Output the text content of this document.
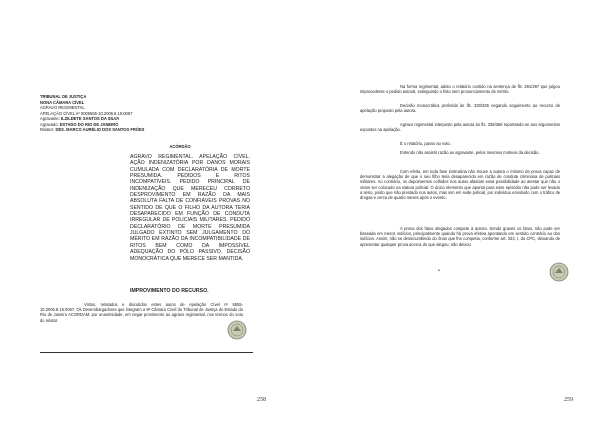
TRIBUNAL DE JUSTIÇA

NONA CÂMARA CÍVEL

AGRAVO REGIMENTAL

APELAÇÃO CÍVEL nº 0006555-10.2006.8.19.0067

Agravante: ILZILDETE SANTOS DA SILVA

Agravado: ESTADO DO RIO DE JANEIRO

Relator: DES. MARCO AURÉLIO DOS SANTOS FRÓES

ACÓRDÃO

AGRAVO REGIMENTAL. APELAÇÃO CÍVEL. AÇÃO INDENIZATÓRIA POR DANOS MORAIS CUMULADA COM DECLARATÓRIA DE MORTE PRESUMIDA. PEDIDOS E RITOS INCOMPATÍVEIS. PEDIDO PRINCIPAL DE INDENIZAÇÃO QUE MERECEU CORRETO DESPROVIMENTO EM RAZÃO DA MAIS ABSOLUTA FALTA DE CONFIÁVEIS PROVAS NO SENTIDO DE QUE O FILHO DA AUTORA TERIA DESAPARECIDO EM FUNÇÃO DE CONDUTA IRREGULAR DE POLICIAIS MILITARES. PEDIDO DECLARATÓRIO DE MORTE PRESUMIDA JULGADO EXTINTO SEM JULGAMENTO DO MÉRITO EM RAZÃO DA INCOMPATIBILIDADE DE RITOS BEM COMO DA IMPOSSÍVEL ADEQUAÇÃO DO PÓLO PASSIVO. DECISÃO MONOCRÁTICA QUE MERECE SER MANTIDA.

IMPROVIMENTO DO RECURSO.

Vistos, relatados e discutidos estes autos de Apelação Cível nº 6555-10.2006.8.19.0067. Os Desembargadores que integram a 9ª Câmara Cível do Tribunal de Justiça do Estado do Rio de Janeiro ACORDAM, por unanimidade, em negar provimento ao agravo regimental, nos termos do voto do relator.

258

Na forma regimental, adoto o relatório contido na sentença de fls. 291/297 que julgou improcedente o pedido autoral, extinguindo o feito sem pronunciamento de mérito.

Decisão monocrática proferida às fls. 330/335 negando seguimento ao recurso de apelação proposto pela autora.

Agravo regimental interposto pela autora às fls. 338/356 reportando-se aos argumentos expostos na apelação.

É o relatório, passo ao voto.

Entendo não assistir razão ao agravante, pelos mesmos motivos da decisão.

Com efeito, em toda fase instrutória não trouxe a autora o mínimo de prova capaz de demonstrar a alegação de que o seu filho teria desaparecido em razão de conduta criminosa de policiais militares. Ao contrário, os depoimentos colhidos nos autos afastam essa possibilidade ao atestar que não o viram ser colocado na viatura policial. O único elemento que aponta para esse episódio não pode ser levado a sério, posto que não prestado nos autos, mas sim em sede policial, por indivíduo envolvido com o tráfico de drogas e cerca de quatro meses após o evento.

A prova dos fatos alegados compete à autora. Sendo graves os fatos, não pode ser baseada em meros indícios, principalmente quando há prova efetiva apontando em sentido contrário ao dos indícios. Assim, não se desincumbindo do ônus que lhe competia, conforme art. 333, I, do CPC, deixando de apresentar qualquer prova acerca do que alegou, não deixou

•
259
